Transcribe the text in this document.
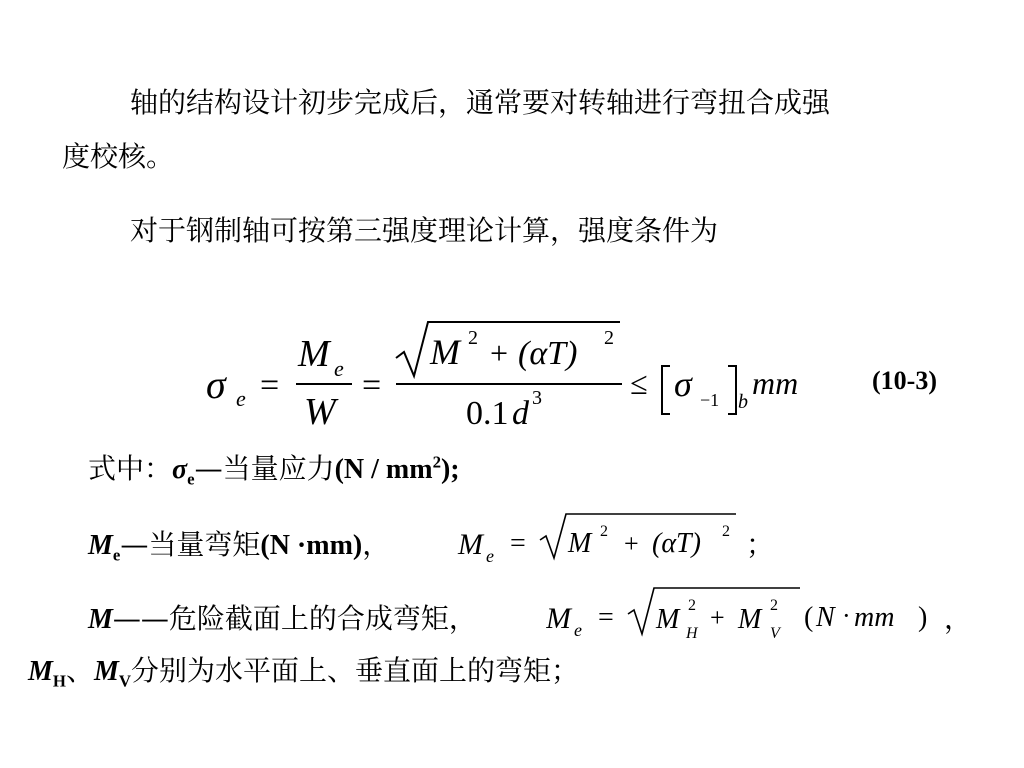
轴的结构设计初步完成后，通常要对转轴进行弯扭合成强
度校核。
对于钢制轴可按第三强度理论计算，强度条件为
σ e =
M e
W
=
M 2 + (αT) 2
0.1 d 3	≤ σ −1 b
mm	(10-3)
式中：$\sigma_e—$当量应力$(N / mm^2)$;
$M_e—$当量弯矩(N ·mm)， M e = M 2 + (αT) 2 ；
M——危险截面上的合成弯矩， M e = M 2
H
+ M 2
V
( N · mm ) ，
$M_H$、$M_V$分别为水平面上、垂直面上的弯矩；
